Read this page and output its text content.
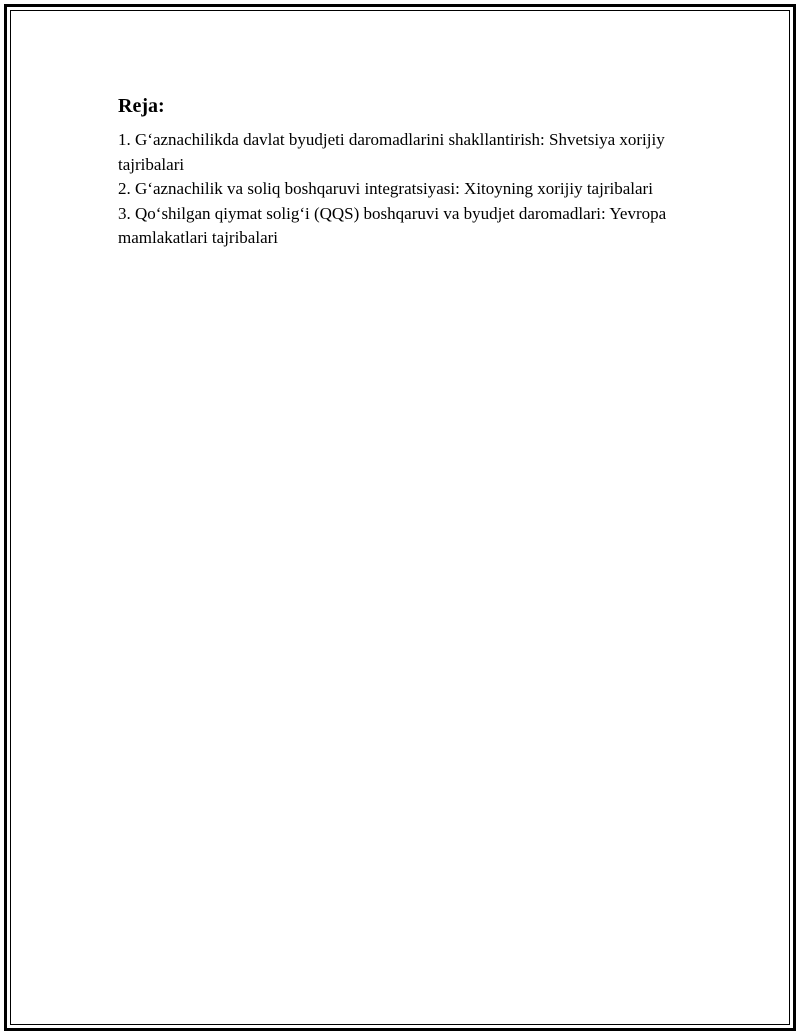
Reja:
1. G‘aznachilikda davlat byudjeti daromadlarini shakllantirish: Shvetsiya xorijiy tajribalari
2. G‘aznachilik va soliq boshqaruvi integratsiyasi: Xitoyning xorijiy tajribalari
3. Qo‘shilgan qiymat solig‘i (QQS) boshqaruvi va byudjet daromadlari: Yevropa mamlakatlari tajribalari
